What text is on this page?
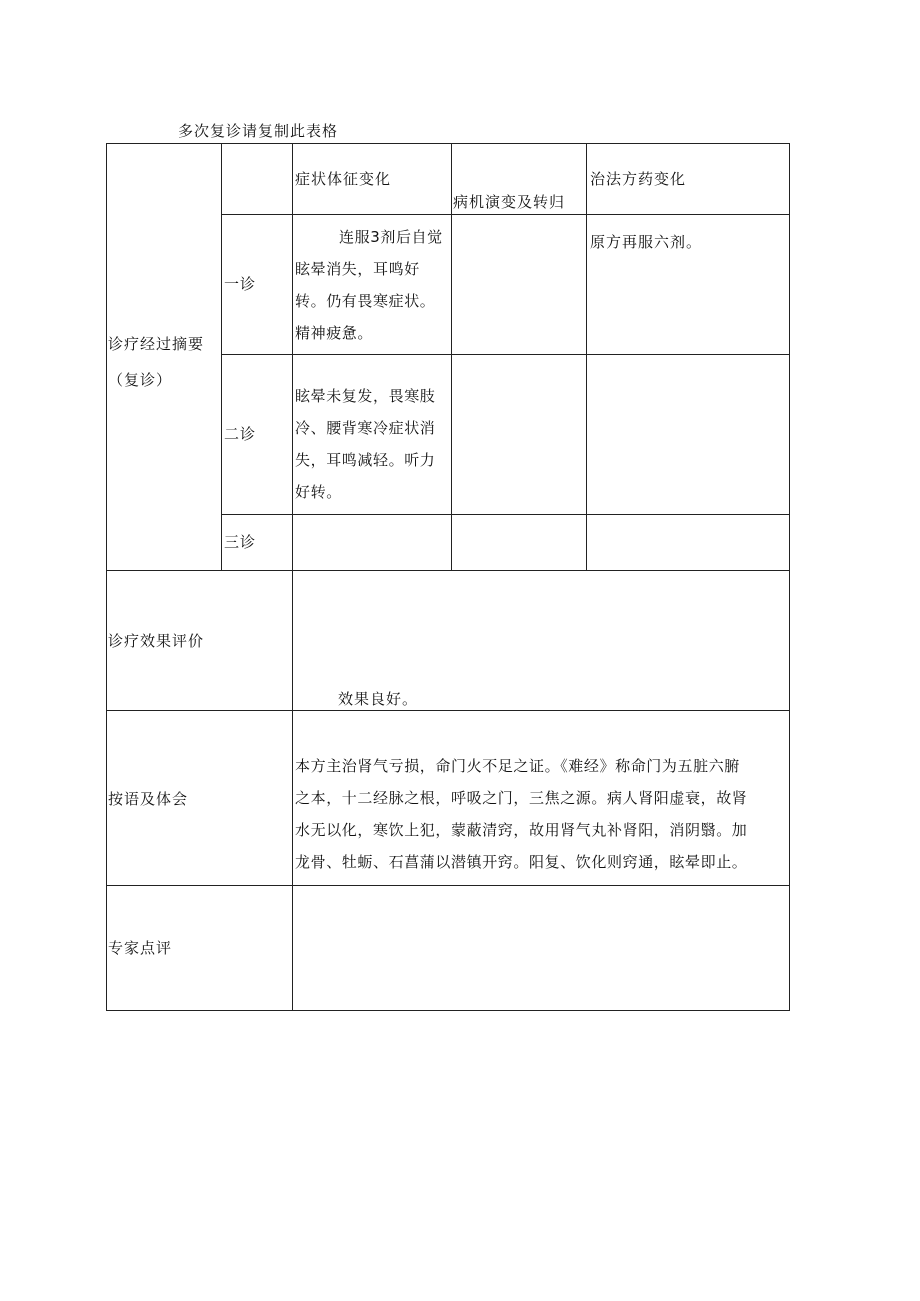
多次复诊请复制此表格
症状体征变化
病机演变及转归
治法方药变化
诊疗经过摘要
（复诊）
一诊
连服3剂后自觉
眩晕消失，耳鸣好
转。仍有畏寒症状。
精神疲惫。
原方再服六剂。
二诊
眩晕未复发，畏寒肢
冷、腰背寒冷症状消
失，耳鸣减轻。听力
好转。
三诊
诊疗效果评价
效果良好。
按语及体会
本方主治肾气亏损，命门火不足之证。《难经》称命门为五脏六腑
之本，十二经脉之根，呼吸之门，三焦之源。病人肾阳虚衰，故肾
水无以化，寒饮上犯，蒙蔽清窍，故用肾气丸补肾阳，消阴翳。加
龙骨、牡蛎、石菖蒲以潜镇开窍。阳复、饮化则窍通，眩晕即止。
专家点评
